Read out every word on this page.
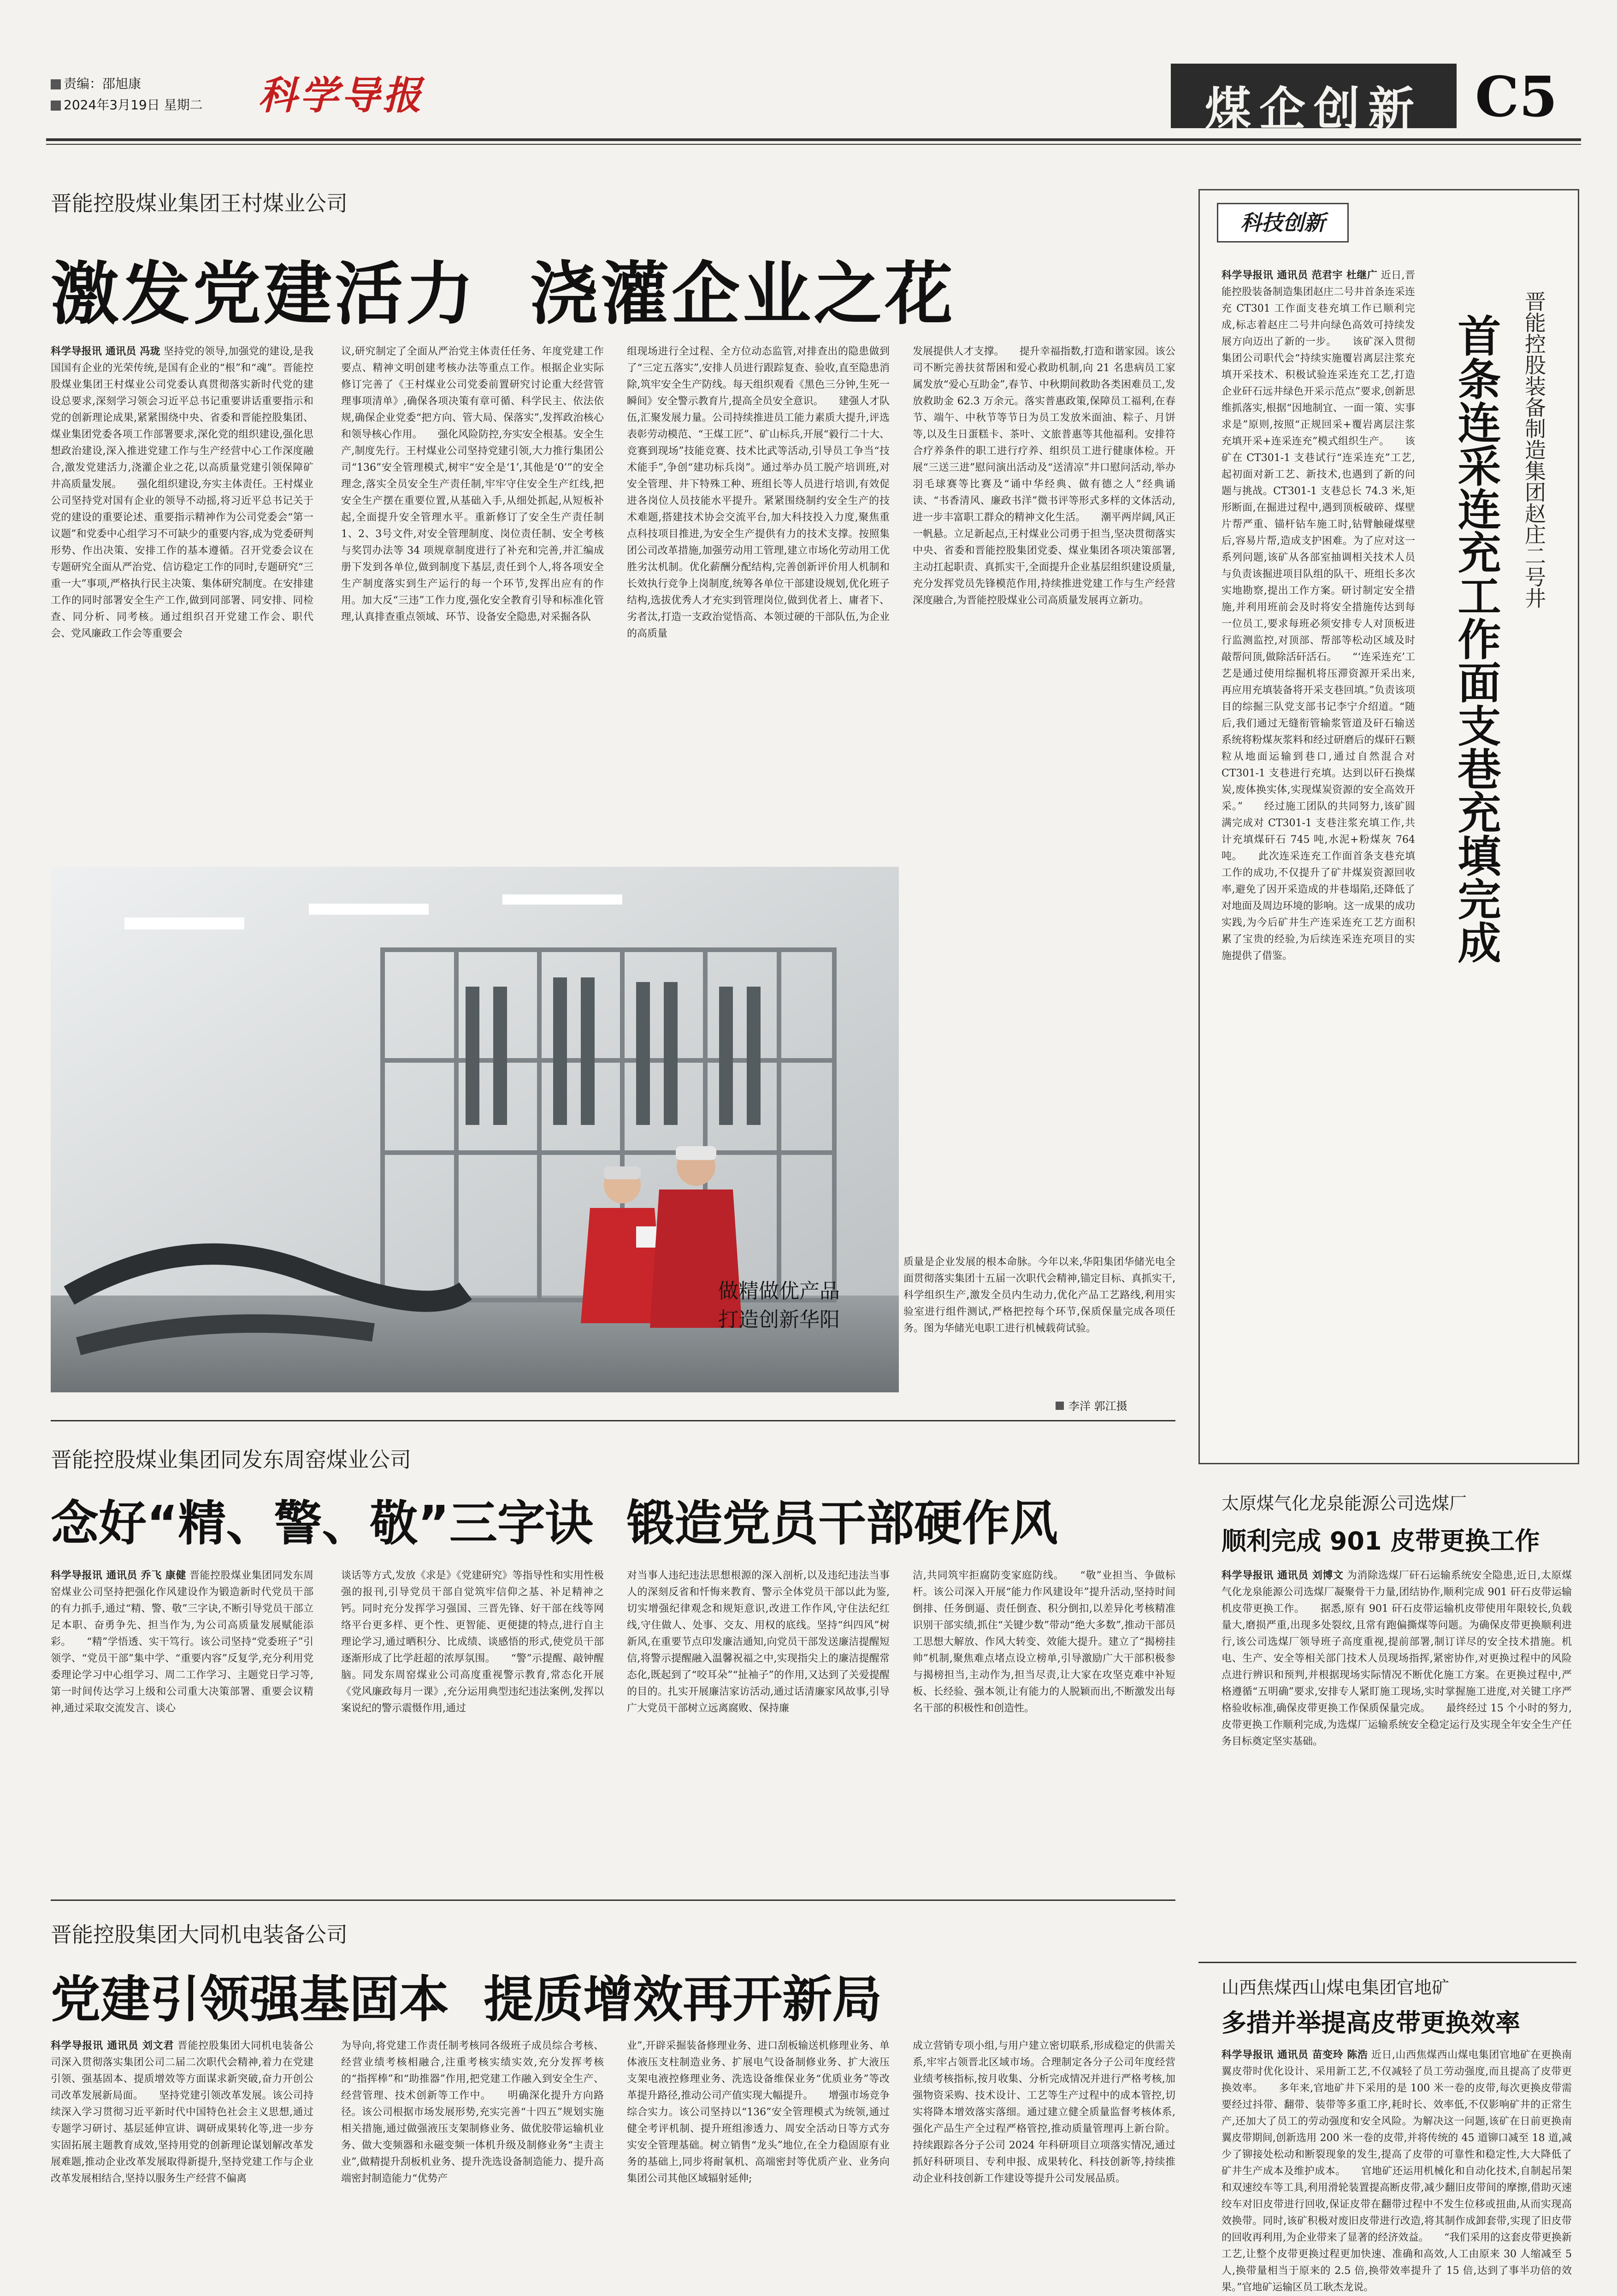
责编：邵旭康
2024年3月19日 星期二 科学导报	煤企创新 C5
晋能控股煤业集团王村煤业公司
激发党建活力  浇灌企业之花
科学导报讯 通讯员 冯珑 坚持党的领导,加强党的建设,是我国国有企业的光荣传统,是国有企业的“根”和“魂”。晋能控股煤业集团王村煤业公司党委认真贯彻落实新时代党的建设总要求,深刻学习领会习近平总书记重要讲话重要指示和党的创新理论成果,紧紧围绕中央、省委和晋能控股集团、煤业集团党委各项工作部署要求,深化党的组织建设,强化思想政治建设,深入推进党建工作与生产经营中心工作深度融合,激发党建活力,浇灌企业之花,以高质量党建引领保障矿井高质量发展。　　强化组织建设,夯实主体责任。王村煤业公司坚持党对国有企业的领导不动摇,将习近平总书记关于党的建设的重要论述、重要指示精神作为公司党委会“第一议题”和党委中心组学习不可缺少的重要内容,成为党委研判形势、作出决策、安排工作的基本遵循。召开党委会议在专题研究全面从严治党、信访稳定工作的同时,专题研究“三重一大”事项,严格执行民主决策、集体研究制度。在安排建工作的同时部署安全生产工作,做到同部署、同安排、同检查、同分析、同考核。通过组织召开党建工作会、职代会、党风廉政工作会等重要会
议,研究制定了全面从严治党主体责任任务、年度党建工作要点、精神文明创建考核办法等重点工作。根据企业实际修订完善了《王村煤业公司党委前置研究讨论重大经营管理事项清单》,确保各项决策有章可循、科学民主、依法依规,确保企业党委“把方向、管大局、保落实”,发挥政治核心和领导核心作用。　　强化风险防控,夯实安全根基。安全生产,制度先行。王村煤业公司坚持党建引领,大力推行集团公司“136”安全管理模式,树牢“安全是‘1’,其他是‘0’”的安全理念,落实全员安全生产责任制,牢牢守住安全生产红线,把安全生产摆在重要位置,从基础入手,从细处抓起,从短板补起,全面提升安全管理水平。重新修订了安全生产责任制1、2、3号文件,对安全管理制度、岗位责任制、安全考核与奖罚办法等 34 项规章制度进行了补充和完善,并汇编成册下发到各单位,做到制度下基层,责任到个人,将各项安全生产制度落实到生产运行的每一个环节,发挥出应有的作用。加大反“三违”工作力度,强化安全教育引导和标准化管理,认真排查重点领域、环节、设备安全隐患,对采掘各队
组现场进行全过程、全方位动态监管,对排查出的隐患做到了“三定五落实”,安排人员进行跟踪复查、验收,直至隐患消除,筑牢安全生产防线。每天组织观看《黑色三分钟,生死一瞬间》安全警示教育片,提高全员安全意识。　　建强人才队伍,汇聚发展力量。公司持续推进员工能力素质大提升,评选表彰劳动模范、“王煤工匠”、矿山标兵,开展“毅行二十大、竞赛到现场”技能竞赛、技术比武等活动,引导员工争当“技术能手”,争创“建功标兵岗”。通过举办员工脱产培训班,对安全管理、井下特殊工种、班组长等人员进行培训,有效促进各岗位人员技能水平提升。紧紧围绕制约安全生产的技术难题,搭建技术协会交流平台,加大科技投入力度,聚焦重点科技项目推进,为安全生产提供有力的技术支撑。按照集团公司改革措施,加强劳动用工管理,建立市场化劳动用工优胜劣汰机制。优化薪酬分配结构,完善创新评价用人机制和长效执行竞争上岗制度,统筹各单位干部建设规划,优化班子结构,选拔优秀人才充实到管理岗位,做到优者上、庸者下、劣者汰,打造一支政治觉悟高、本领过硬的干部队伍,为企业的高质量
发展提供人才支撑。　　提升幸福指数,打造和谐家园。该公司不断完善扶贫帮困和爱心救助机制,向 21 名患病员工家属发放“爱心互助金”,春节、中秋期间救助各类困难员工,发放救助金 62.3 万余元。落实普惠政策,保障员工福利,在春节、端午、中秋节等节日为员工发放米面油、粽子、月饼等,以及生日蛋糕卡、茶叶、文旅普惠等其他福利。安排符合疗养条件的职工进行疗养、组织员工进行健康体检。开展“三送三进”慰问演出活动及“送清凉”井口慰问活动,举办羽毛球赛等比赛及“诵中华经典、做有德之人”经典诵读、“书香清风、廉政书洋”微书评等形式多样的文体活动,进一步丰富职工群众的精神文化生活。　　潮平两岸阔,风正一帆悬。立足新起点,王村煤业公司勇于担当,坚决贯彻落实中央、省委和晋能控股集团党委、煤业集团各项决策部署,主动扛起职责、真抓实干,全面提升企业基层组织建设质量,充分发挥党员先锋模范作用,持续推进党建工作与生产经营深度融合,为晋能控股煤业公司高质量发展再立新功。
做精做优产品
打造创新华阳
质量是企业发展的根本命脉。今年以来,华阳集团华储光电全面贯彻落实集团十五届一次职代会精神,锚定目标、真抓实干,科学组织生产,激发全员内生动力,优化产品工艺路线,利用实验室进行组件测试,严格把控每个环节,保质保量完成各项任务。图为华储光电职工进行机械载荷试验。
李洋 郭江摄
晋能控股煤业集团同发东周窑煤业公司
念好“精、警、敬”三字诀  锻造党员干部硬作风
科学导报讯 通讯员 乔飞 康健 晋能控股煤业集团同发东周窑煤业公司坚持把强化作风建设作为锻造新时代党员干部的有力抓手,通过“精、警、敬”三字诀,不断引导党员干部立足本职、奋勇争先、担当作为,为公司高质量发展赋能添彩。　　“精”学悟透、实干笃行。该公司坚持“党委班子”引领学、“党员干部”集中学、“重要内容”反复学,充分利用党委理论学习中心组学习、周二工作学习、主题党日学习等,第一时间传达学习上级和公司重大决策部署、重要会议精神,通过采取交流发言、谈心
谈话等方式,发放《求是》《党建研究》等指导性和实用性极强的报刊,引导党员干部自觉筑牢信仰之基、补足精神之钙。同时充分发挥学习强国、三晋先锋、好干部在线等网络平台更多样、更个性、更智能、更便捷的特点,进行自主理论学习,通过晒积分、比成绩、谈感悟的形式,使党员干部逐渐形成了比学赶超的浓厚氛围。　　“警”示提醒、敲钟醒脑。同发东周窑煤业公司高度重视警示教育,常态化开展《党风廉政每月一课》,充分运用典型违纪违法案例,发挥以案说纪的警示震慑作用,通过
对当事人违纪违法思想根源的深入剖析,以及违纪违法当事人的深刻反省和忏悔来教育、警示全体党员干部以此为鉴,切实增强纪律观念和规矩意识,改进工作作风,守住法纪红线,守住做人、处事、交友、用权的底线。坚持“纠四风”树新风,在重要节点印发廉洁通知,向党员干部发送廉洁提醒短信,将警示提醒融入温馨祝福之中,实现指尖上的廉洁提醒常态化,既起到了“咬耳朵”“扯袖子”的作用,又达到了关爱提醒的目的。扎实开展廉洁家访活动,通过话清廉家风故事,引导广大党员干部树立远离腐败、保持廉
洁,共同筑牢拒腐防变家庭防线。　　“敬”业担当、争做标杆。该公司深入开展“能力作风建设年”提升活动,坚持时间倒排、任务倒逼、责任倒查、积分倒扣,以差异化考核精准识别干部实绩,抓住“关键少数”带动“绝大多数”,推动干部员工思想大解放、作风大转变、效能大提升。建立了“揭榜挂帅”机制,聚焦难点堵点设立榜单,引导激励广大干部积极参与揭榜担当,主动作为,担当尽责,让大家在攻坚克难中补短板、长经验、强本领,让有能力的人脱颖而出,不断激发出每名干部的积极性和创造性。
晋能控股集团大同机电装备公司
党建引领强基固本  提质增效再开新局
科学导报讯 通讯员 刘文君 晋能控股集团大同机电装备公司深入贯彻落实集团公司二届二次职代会精神,着力在党建引领、强基固本、提质增效等方面谋求新突破,奋力开创公司改革发展新局面。　　坚持党建引领改革发展。该公司持续深入学习贯彻习近平新时代中国特色社会主义思想,通过专题学习研讨、基层延伸宣讲、调研成果转化等,进一步夯实固拓展主题教育成效,坚持用党的创新理论谋划解改革发展难题,推动企业改革发展取得新提升,坚持党建工作与企业改革发展相结合,坚持以服务生产经营不偏离
为导向,将党建工作责任制考核同各级班子成员综合考核、经营业绩考核相融合,注重考核实绩实效,充分发挥考核的“指挥棒”和“助推器”作用,把党建工作融入到安全生产、经营管理、技术创新等工作中。　　明确深化提升方向路径。该公司根据市场发展形势,充实完善“十四五”规划实施相关措施,通过做强液压支架制修业务、做优胶带运输机业务、做大变频器和永磁变频一体机升级及制修业务“主责主业”,做精提升刮板机业务、提升洗选设备制造能力、提升高端密封制造能力“优势产
业”,开辟采掘装备修理业务、进口刮板输送机修理业务、单体液压支柱制造业务、扩展电气设备制修业务、扩大液压支架电液控修理业务、洗选设备维保业务“优质业务”等改革提升路径,推动公司产值实现大幅提升。　　增强市场竞争综合实力。该公司坚持以“136”安全管理模式为统领,通过健全考评机制、提升班组渗透力、周安全活动日等方式夯实安全管理基础。树立销售“龙头”地位,在全力稳固原有业务的基础上,同步将耐氧机、高端密封等优质产业、业务向集团公司其他区域辐射延伸;
成立营销专项小组,与用户建立密切联系,形成稳定的供需关系,牢牢占领晋北区域市场。合理制定各分子公司年度经营业绩考核指标,按月收集、分析完成情况并进行严格考核,加强物资采购、技术设计、工艺等生产过程中的成本管控,切实将降本增效落实落细。通过建立健全质量监督考核体系,强化产品生产全过程严格管控,推动质量管理再上新台阶。持续跟踪各分子公司 2024 年科研项目立项落实情况,通过抓好科研项目、专利申报、成果转化、科技创新等,持续推动企业科技创新工作建设等提升公司发展品质。
科技创新
科学导报讯 通讯员 范君宇 杜继广 近日,晋能控股装备制造集团赵庄二号井首条连采连充 CT301 工作面支巷充填工作已顺利完成,标志着赵庄二号井向绿色高效可持续发展方向迈出了新的一步。　　该矿深入贯彻集团公司职代会“持续实施覆岩离层注浆充填开采技术、积极试验连采连充工艺,打造企业矸石远井绿色开采示范点”要求,创新思维抓落实,根据“因地制宜、一面一策、实事求是”原则,按照“正规回采+覆岩离层注浆充填开采+连采连充”模式组织生产。　　该矿在 CT301-1 支巷试行“连采连充”工艺,起初面对新工艺、新技术,也遇到了新的问题与挑战。CT301-1 支巷总长 74.3 米,矩形断面,在掘进过程中,遇到顶板破碎、煤壁片帮严重、锚杆钻车施工时,钻臂触碰煤壁后,容易片帮,造成支护困难。为了应对这一系列问题,该矿从各部室抽调相关技术人员与负责该掘进项目队组的队干、班组长多次实地勘察,提出工作方案。研讨制定安全措施,并利用班前会及时将安全措施传达到每一位员工,要求每班必须安排专人对顶板进行监测监控,对顶部、帮部等松动区域及时敲帮问顶,做除活矸活石。　　“‘连采连充’工艺是通过使用综掘机将压滞资源开采出来,再应用充填装备将开采支巷回填。”负责该项目的综掘三队党支部书记李宁介绍道。“随后,我们通过无缝衔管输浆管道及矸石输送系统将粉煤灰浆料和经过研磨后的煤矸石颗粒从地面运输到巷口,通过自然混合对 CT301-1 支巷进行充填。达到以矸石换煤炭,废体换实体,实现煤炭资源的安全高效开采。”　　经过施工团队的共同努力,该矿圆满完成对 CT301-1 支巷注浆充填工作,共计充填煤矸石 745 吨,水泥+粉煤灰 764 吨。　　此次连采连充工作面首条支巷充填工作的成功,不仅提升了矿井煤炭资源回收率,避免了因开采造成的井巷塌陷,还降低了对地面及周边环境的影响。这一成果的成功实践,为今后矿井生产连采连充工艺方面积累了宝贵的经验,为后续连采连充项目的实施提供了借鉴。
晋能控股装备制造集团赵庄二号井
首条连采连充工作面支巷充填完成
太原煤气化龙泉能源公司选煤厂
顺利完成 901 皮带更换工作
科学导报讯 通讯员 刘博文 为消除选煤厂矸石运输系统安全隐患,近日,太原煤气化龙泉能源公司选煤厂凝聚骨干力量,团结协作,顺利完成 901 矸石皮带运输机皮带更换工作。　　据悉,原有 901 矸石皮带运输机皮带使用年限较长,负载量大,磨损严重,出现多处裂纹,且常有跑偏撕煤等问题。为确保皮带更换顺利进行,该公司选煤厂领导班子高度重视,提前部署,制订详尽的安全技术措施。机电、生产、安全等相关部门技术人员现场指挥,紧密协作,对更换过程中的风险点进行辨识和预判,并根据现场实际情况不断优化施工方案。在更换过程中,严格遵循“五明确”要求,安排专人紧盯施工现场,实时掌握施工进度,对关键工序严格验收标准,确保皮带更换工作保质保量完成。　　最终经过 15 个小时的努力,皮带更换工作顺利完成,为选煤厂运输系统安全稳定运行及实现全年安全生产任务目标奠定坚实基础。
山西焦煤西山煤电集团官地矿
多措并举提高皮带更换效率
科学导报讯 通讯员 苗变玲 陈浩 近日,山西焦煤西山煤电集团官地矿在更换南翼皮带时优化设计、采用新工艺,不仅减轻了员工劳动强度,而且提高了皮带更换效率。　　多年来,官地矿井下采用的是 100 米一卷的皮带,每次更换皮带需要经过抖带、翻带、装带等多重工序,耗时长、效率低,不仅影响矿井的正常生产,还加大了员工的劳动强度和安全风险。为解决这一问题,该矿在日前更换南翼皮带期间,创新选用 200 米一卷的皮带,并将传统的 45 道铆口减至 18 道,减少了铆接处松动和断裂现象的发生,提高了皮带的可靠性和稳定性,大大降低了矿井生产成本及维护成本。　　官地矿还运用机械化和自动化技术,自制起吊架和双速绞车等工具,利用滑轮装置提高断皮带,减少翻旧皮带间的摩擦,借助灭速绞车对旧皮带进行回收,保证皮带在翻带过程中不发生位移或扭曲,从而实现高效换带。同时,该矿积极对废旧皮带进行改造,将其制作成卸套带,实现了旧皮带的回收再利用,为企业带来了显著的经济效益。　　“我们采用的这套皮带更换新工艺,让整个皮带更换过程更加快速、准确和高效,人工由原来 30 人缩减至 5 人,换带量相当于原来的 2.5 倍,换带效率提升了 15 倍,达到了事半功倍的效果。”官地矿运输区员工耿杰龙说。
